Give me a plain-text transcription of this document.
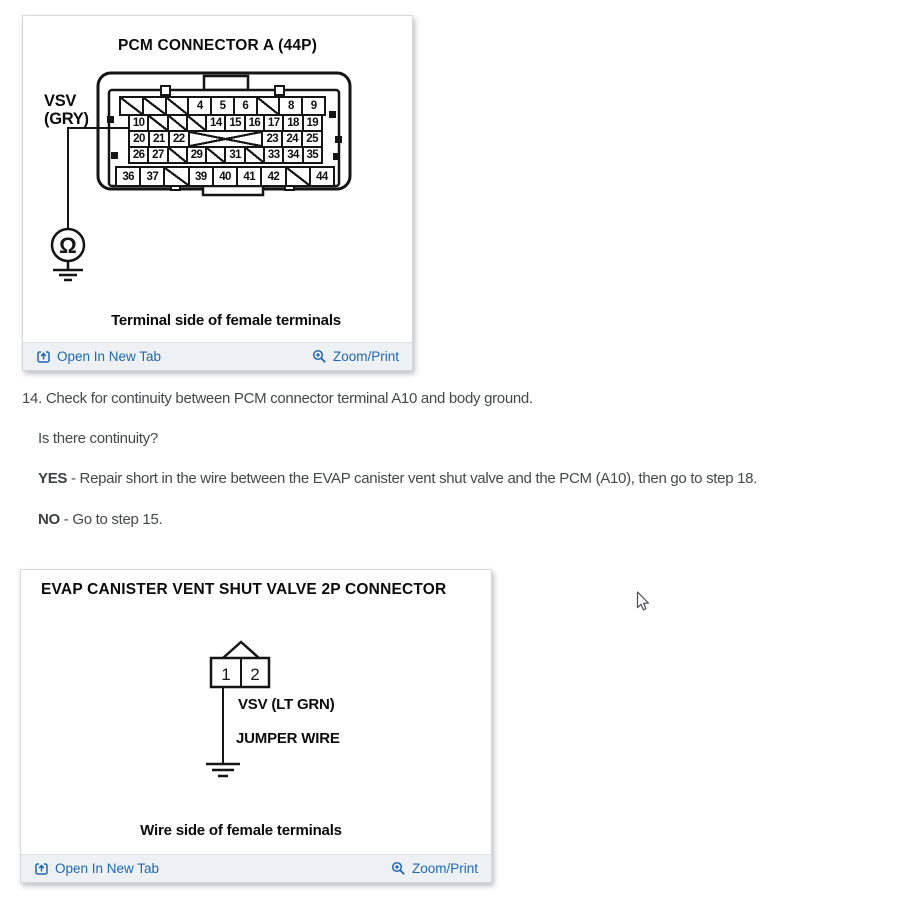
PCM CONNECTOR A (44P)
Ω
4	5	6	8	9
10	14 15 16 17 18 19
20 21 22	23 24 25
26 27	29	31	33 34 35
36	37	39	40	41	42	44
VSV
(GRY)
Terminal side of female terminals
Open In New Tab	Zoom/Print
14. Check for continuity between PCM connector terminal A10 and body ground.
Is there continuity?
YES - Repair short in the wire between the EVAP canister vent shut valve and the PCM (A10), then go to step 18.
NO - Go to step 15.
EVAP CANISTER VENT SHUT VALVE 2P CONNECTOR
1 2
VSV (LT GRN)
JUMPER WIRE
Wire side of female terminals
Open In New Tab	Zoom/Print
